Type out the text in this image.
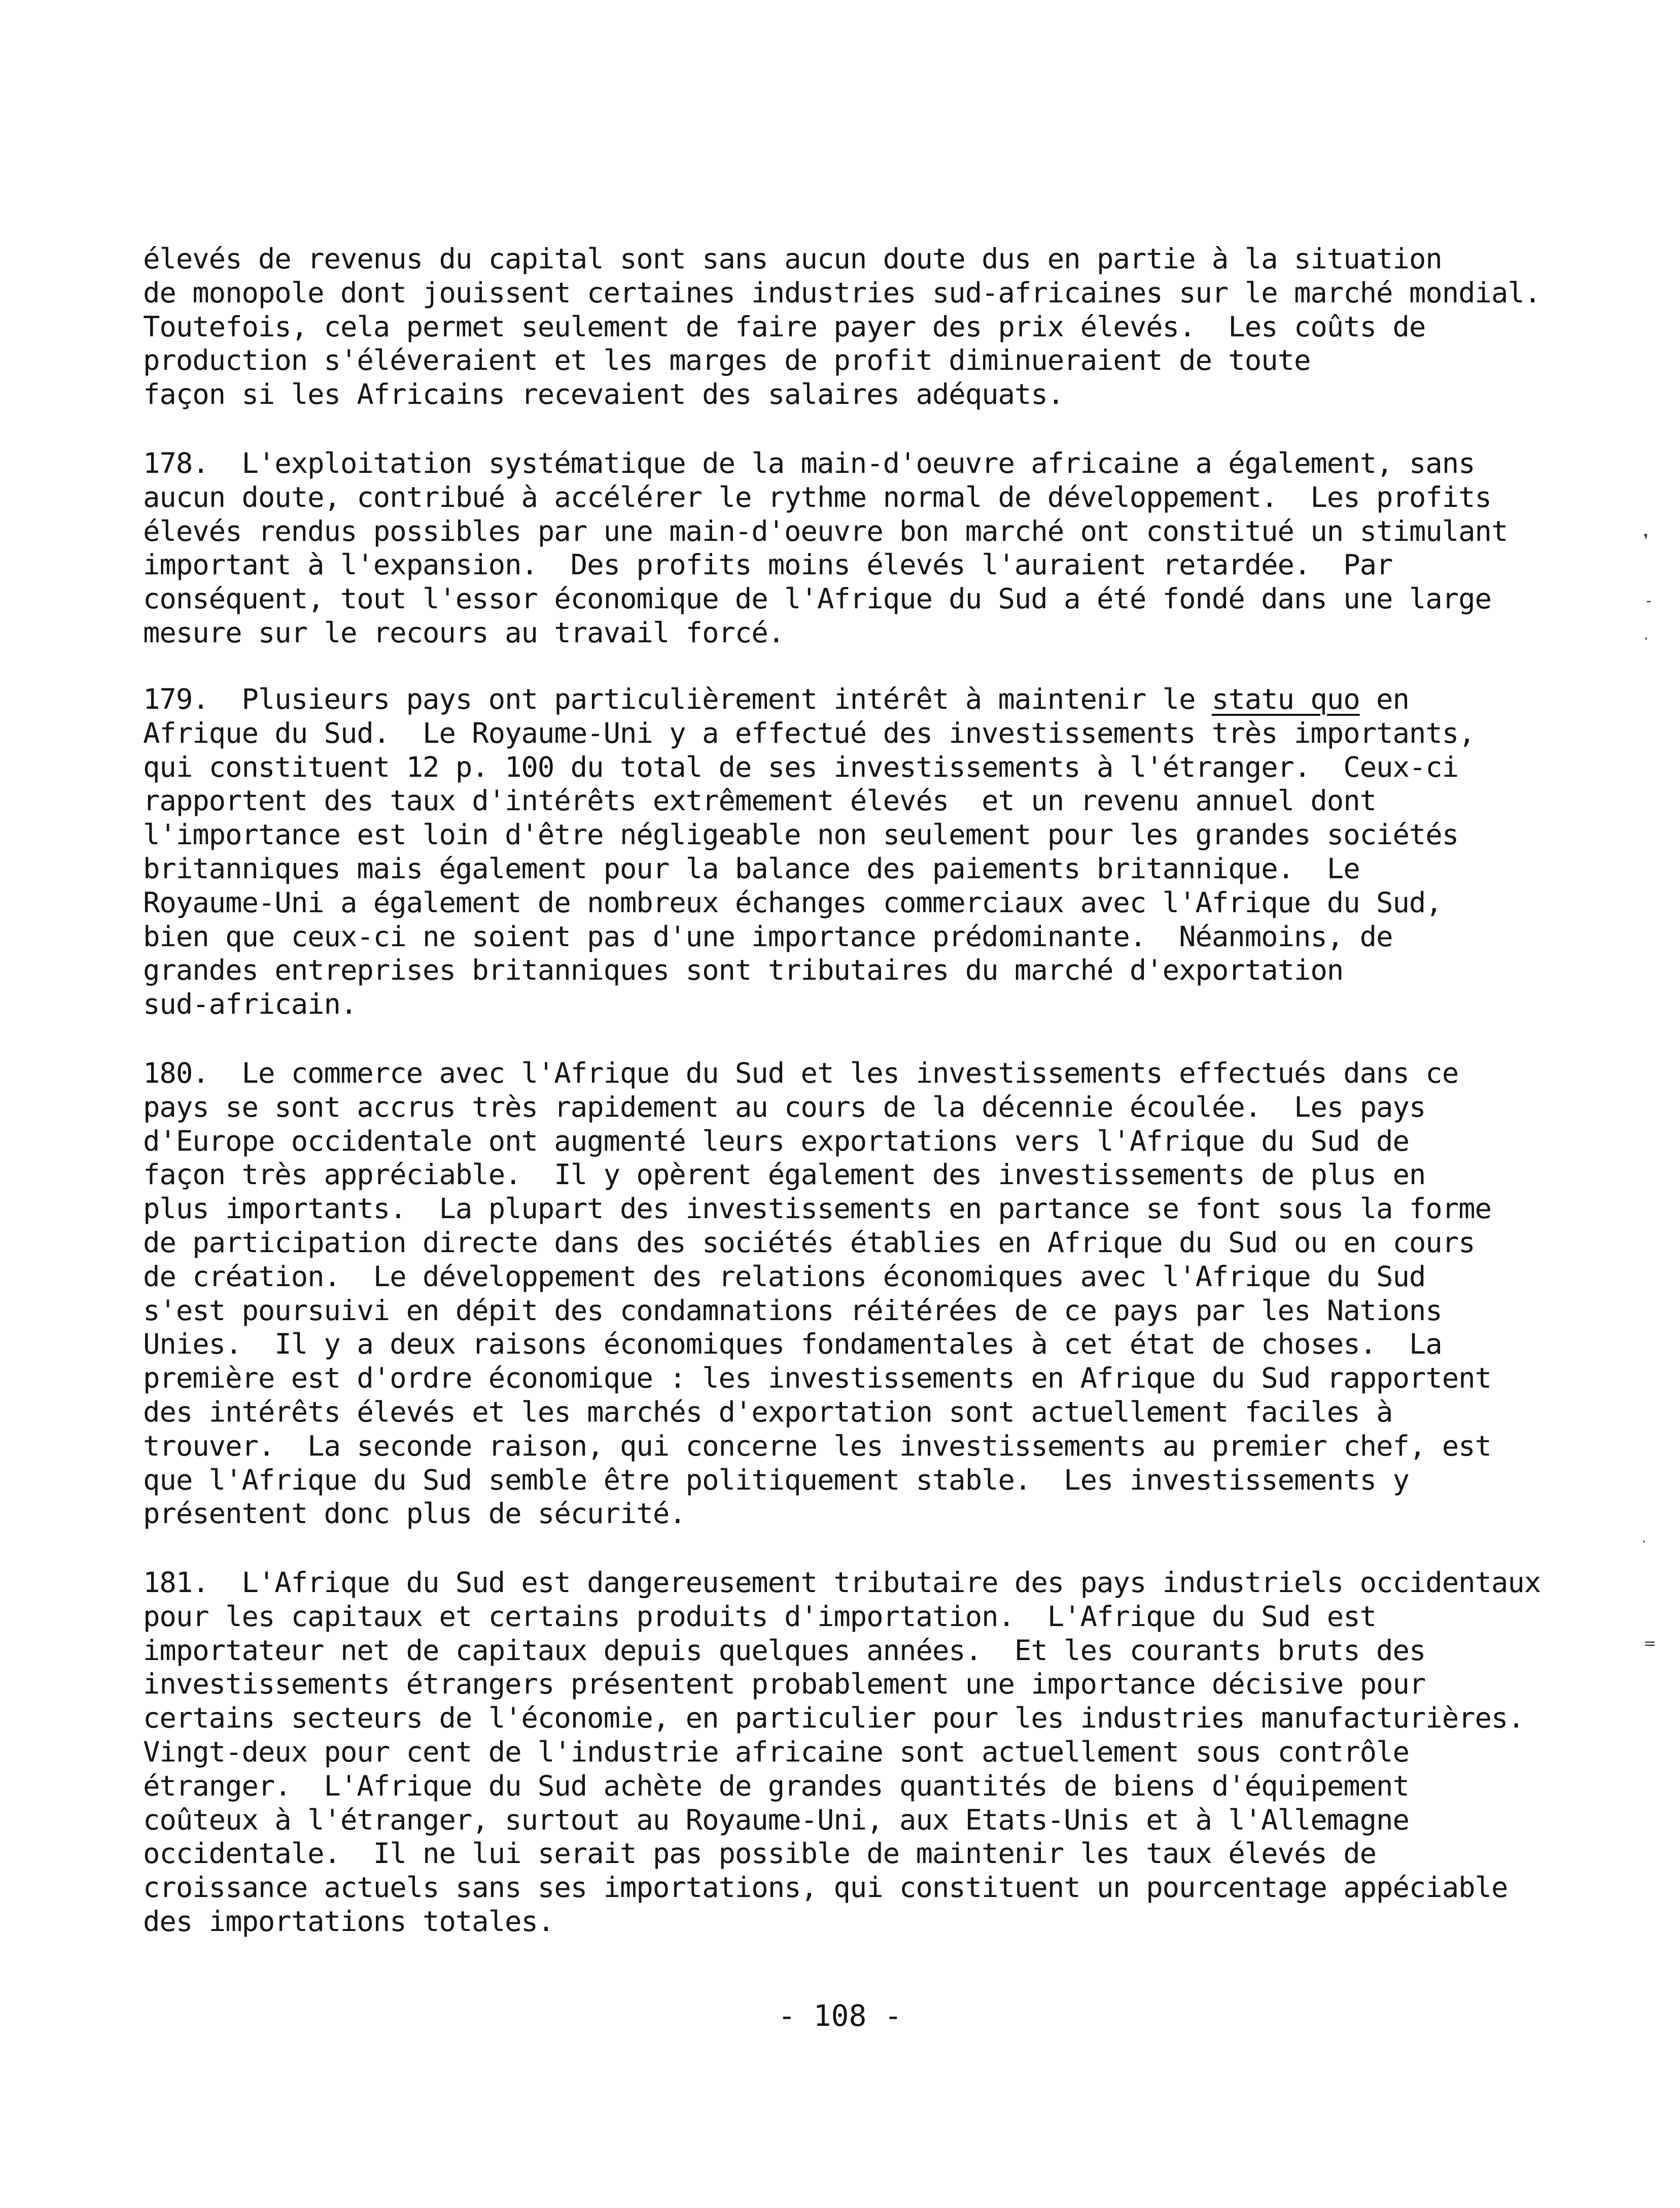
élevés de revenus du capital sont sans aucun doute dus en partie à la situation
de monopole dont jouissent certaines industries sud-africaines sur le marché mondial.
Toutefois, cela permet seulement de faire payer des prix élevés.  Les coûts de
production s'éléveraient et les marges de profit diminueraient de toute
façon si les Africains recevaient des salaires adéquats.
178.  L'exploitation systématique de la main-d'oeuvre africaine a également, sans
aucun doute, contribué à accélérer le rythme normal de développement.  Les profits
élevés rendus possibles par une main-d'oeuvre bon marché ont constitué un stimulant
important à l'expansion.  Des profits moins élevés l'auraient retardée.  Par
conséquent, tout l'essor économique de l'Afrique du Sud a été fondé dans une large
mesure sur le recours au travail forcé.
179.  Plusieurs pays ont particulièrement intérêt à maintenir le statu quo en
Afrique du Sud.  Le Royaume-Uni y a effectué des investissements très importants,
qui constituent 12 p. 100 du total de ses investissements à l'étranger.  Ceux-ci
rapportent des taux d'intérêts extrêmement élevés  et un revenu annuel dont
l'importance est loin d'être négligeable non seulement pour les grandes sociétés
britanniques mais également pour la balance des paiements britannique.  Le
Royaume-Uni a également de nombreux échanges commerciaux avec l'Afrique du Sud,
bien que ceux-ci ne soient pas d'une importance prédominante.  Néanmoins, de
grandes entreprises britanniques sont tributaires du marché d'exportation
sud-africain.
180.  Le commerce avec l'Afrique du Sud et les investissements effectués dans ce
pays se sont accrus très rapidement au cours de la décennie écoulée.  Les pays
d'Europe occidentale ont augmenté leurs exportations vers l'Afrique du Sud de
façon très appréciable.  Il y opèrent également des investissements de plus en
plus importants.  La plupart des investissements en partance se font sous la forme
de participation directe dans des sociétés établies en Afrique du Sud ou en cours
de création.  Le développement des relations économiques avec l'Afrique du Sud
s'est poursuivi en dépit des condamnations réitérées de ce pays par les Nations
Unies.  Il y a deux raisons économiques fondamentales à cet état de choses.  La
première est d'ordre économique : les investissements en Afrique du Sud rapportent
des intérêts élevés et les marchés d'exportation sont actuellement faciles à
trouver.  La seconde raison, qui concerne les investissements au premier chef, est
que l'Afrique du Sud semble être politiquement stable.  Les investissements y
présentent donc plus de sécurité.
181.  L'Afrique du Sud est dangereusement tributaire des pays industriels occidentaux
pour les capitaux et certains produits d'importation.  L'Afrique du Sud est
importateur net de capitaux depuis quelques années.  Et les courants bruts des
investissements étrangers présentent probablement une importance décisive pour
certains secteurs de l'économie, en particulier pour les industries manufacturières.
Vingt-deux pour cent de l'industrie africaine sont actuellement sous contrôle
étranger.  L'Afrique du Sud achète de grandes quantités de biens d'équipement
coûteux à l'étranger, surtout au Royaume-Uni, aux Etats-Unis et à l'Allemagne
occidentale.  Il ne lui serait pas possible de maintenir les taux élevés de
croissance actuels sans ses importations, qui constituent un pourcentage appéciable
des importations totales.

- 108 -

❜
-
·
·
=
